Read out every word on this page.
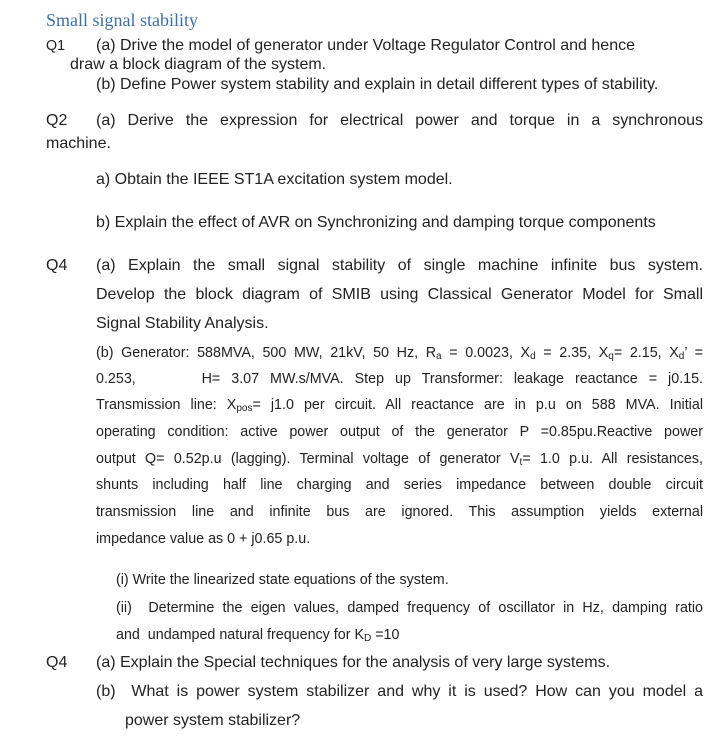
Small signal stability
Q1 (a) Drive the model of generator under Voltage Regulator Control and hence
draw a block diagram of the system.
(b) Define Power system stability and explain in detail different types of stability.
Q2 (a) Derive the expression for electrical power and torque in a synchronous
machine.
a) Obtain the IEEE ST1A excitation system model.
b) Explain the effect of AVR on Synchronizing and damping torque components
Q4 (a) Explain the small signal stability of single machine infinite bus system.
Develop the block diagram of SMIB using Classical Generator Model for Small
Signal Stability Analysis.
(b) Generator: 588MVA, 500 MW, 21kV, 50 Hz, $R_a = 0.0023$, $X_d = 2.35$, $X_q= 2.15$, $X_d$’ =
0.253,      H= 3.07 MW.s/MVA. Step up Transformer: leakage reactance = j0.15.
Transmission line: $X_{pos}= j1.0$ per circuit. All reactance are in p.u on 588 MVA. Initial
operating condition: active power output of the generator P =0.85pu.Reactive power
output Q= 0.52p.u (lagging). Terminal voltage of generator $V_t= 1.0$ p.u. All resistances,
shunts including half line charging and series impedance between double circuit
transmission line and infinite bus are ignored. This assumption yields external
impedance value as 0 + j0.65 p.u.
(i) Write the linearized state equations of the system.
(ii)  Determine the eigen values, damped frequency of oscillator in Hz, damping ratio
and  undamped natural frequency for $K_D =10$
Q4 (a) Explain the Special techniques for the analysis of very large systems.
(b)  What is power system stabilizer and why it is used? How can you model a
power system stabilizer?
